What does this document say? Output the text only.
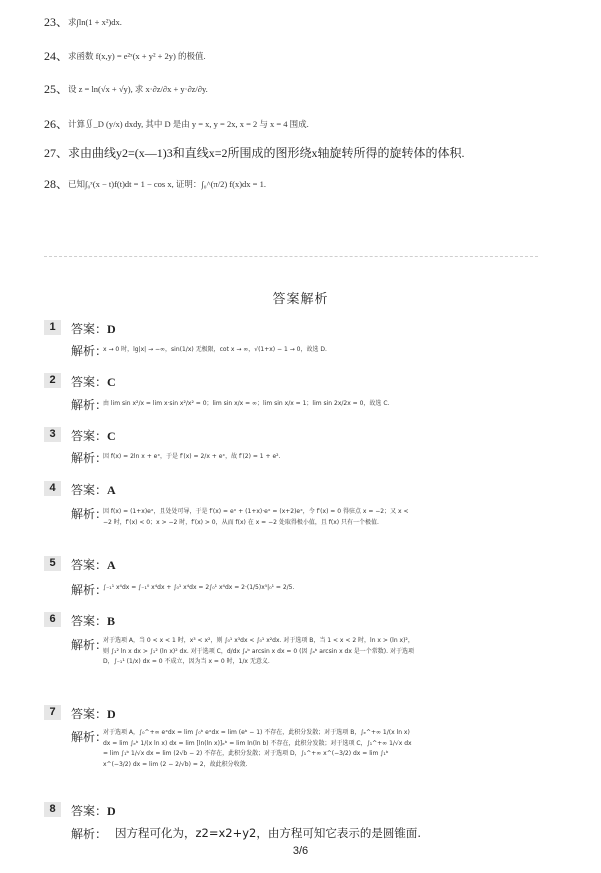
23、 求∫ln(1 + x²)dx.
24、 求函数 f(x,y) = e²ˣ(x + y² + 2y) 的极值.
25、 设 z = ln(√x + √y), 求 x·∂z/∂x + y·∂z/∂y.
26、 计算∬_D (y/x) dxdy, 其中 D 是由 y = x, y = 2x, x = 2 与 x = 4 围成.
27、 求由曲线y2=(x—1)3和直线x=2所围成的图形绕x轴旋转所得的旋转体的体积.
28、 已知∫₀ˣ(x − t)f(t)dt = 1 − cos x, 证明：∫₀^(π/2) f(x)dx = 1.
答案解析
1	答案：D
解析：
x → 0 时，lg|x| → −∞，sin(1/x) 无极限，cot x → ∞，√(1+x) − 1 → 0，故选 D.
2	答案：C
解析：
由 lim sin x²/x = lim x·sin x²/x² = 0；lim sin x/x = ∞；lim sin x/x = 1；lim sin 2x/2x = 0，故选 C.
3	答案：C
解析：
因 f(x) = 2ln x + eˣ，于是 f′(x) = 2/x + eˣ，故 f′(2) = 1 + e².
4	答案：A
解析：
因 f(x) = (1+x)eˣ，且处处可导，于是 f′(x) = eˣ + (1+x)·eˣ = (x+2)eˣ，令 f′(x) = 0 得驻点 x = −2；又 x < −2 时，f′(x) < 0；x > −2 时，f′(x) > 0，从而 f(x) 在 x = −2 处取得极小值，且 f(x) 只有一个极值.
5	答案：A
解析：
∫₋₁¹ x⁴dx = ∫₋₁⁰ x⁴dx + ∫₀¹ x⁴dx = 2∫₀¹ x⁴dx = 2·(1/5)x⁵|₀¹ = 2/5.
6	答案：B
解析：
对于选项 A，当 0 < x < 1 时，x³ < x²，则 ∫₀¹ x³dx < ∫₀¹ x²dx. 对于选项 B，当 1 < x < 2 时，ln x > (ln x)²，则 ∫₁² ln x dx > ∫₁² (ln x)² dx. 对于选项 C，d/dx ∫ₐᵇ arcsin x dx = 0 (因 ∫ₐᵇ arcsin x dx 是一个常数). 对于选项 D，∫₋₁¹ (1/x) dx = 0 不成立，因为当 x = 0 时，1/x 无意义.
7	答案：D
解析：
对于选项 A，∫₀^+∞ eˣdx = lim ∫₀ᵇ eˣdx = lim (eᵇ − 1) 不存在，此积分发散；对于选项 B，∫ₑ^+∞ 1/(x ln x) dx = lim ∫ₑᵇ 1/(x ln x) dx = lim [ln(ln x)]ₑᵇ = lim ln(ln b) 不存在，此积分发散；对于选项 C，∫₁^+∞ 1/√x dx = lim ∫₁ᵇ 1/√x dx = lim (2√b − 2) 不存在，此积分发散；对于选项 D，∫₁^+∞ x^(−3/2) dx = lim ∫₁ᵇ x^(−3/2) dx = lim (2 − 2/√b) = 2，故此积分收敛.
8	答案：D
解析： 因方程可化为，z2=x2+y2，由方程可知它表示的是圆锥面.
3/6
